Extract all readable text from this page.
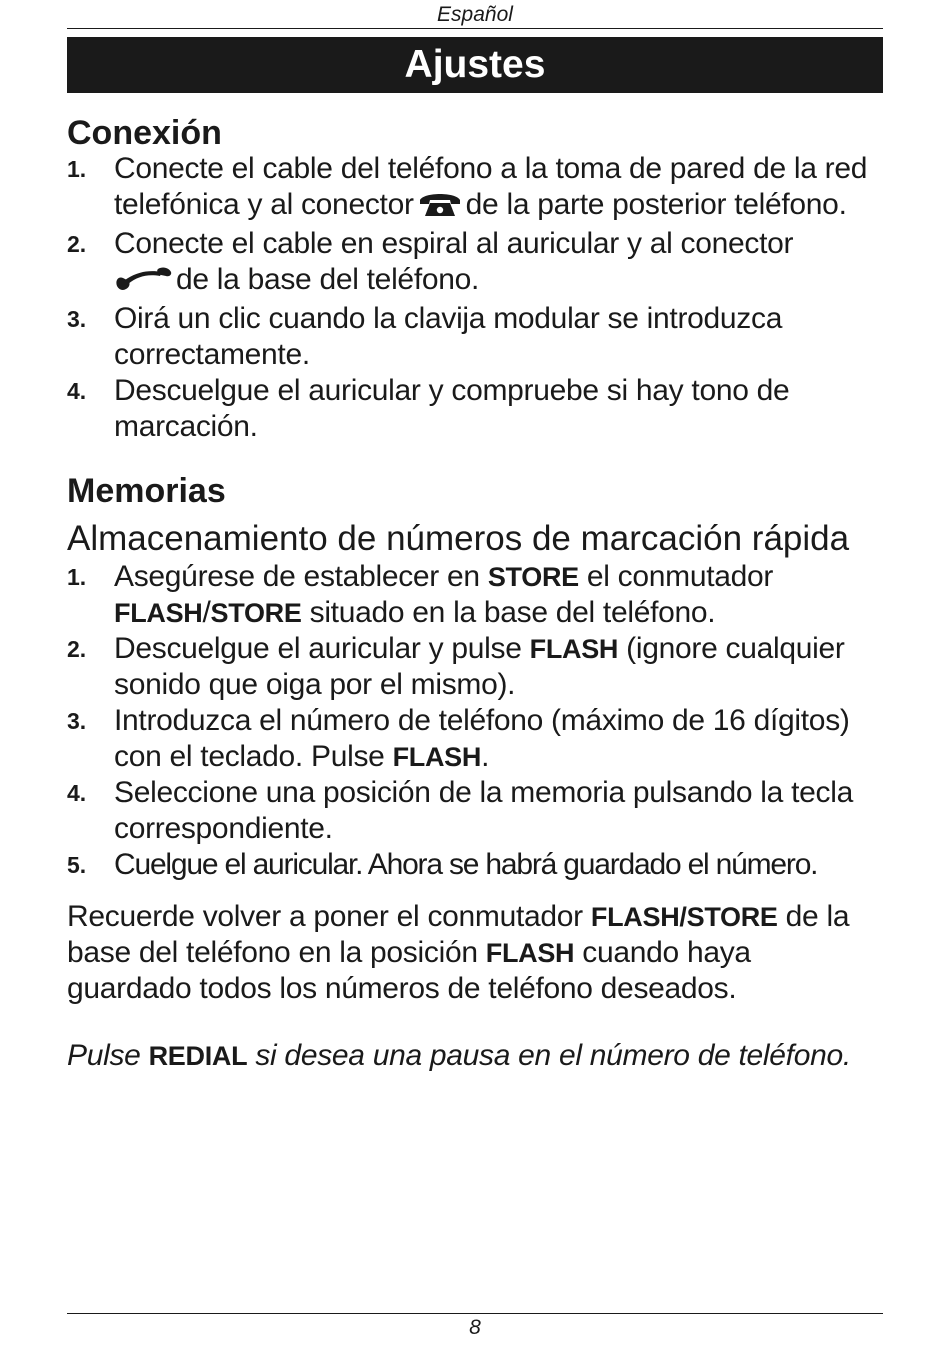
Español
Ajustes
Conexión
1. Conecte el cable del teléfono a la toma de pared de la red telefónica y al conector de la parte posterior teléfono.
2. Conecte el cable en espiral al auricular y al conector
de la base del teléfono.
3. Oirá un clic cuando la clavija modular se introduzca correctamente.
4. Descuelgue el auricular y compruebe si hay tono de marcación.
Memorias
Almacenamiento de números de marcación rápida
1. Asegúrese de establecer en STORE el conmutador FLASH/STORE situado en la base del teléfono.
2. Descuelgue el auricular y pulse FLASH (ignore cualquier sonido que oiga por el mismo).
3. Introduzca el número de teléfono (máximo de 16 dígitos) con el teclado. Pulse FLASH.
4. Seleccione una posición de la memoria pulsando la tecla correspondiente.
5. Cuelgue el auricular. Ahora se habrá guardado el número.

Recuerde volver a poner el conmutador FLASH/STORE de la base del teléfono en la posición FLASH cuando haya guardado todos los números de teléfono deseados.

Pulse REDIAL si desea una pausa en el número de teléfono.

8
